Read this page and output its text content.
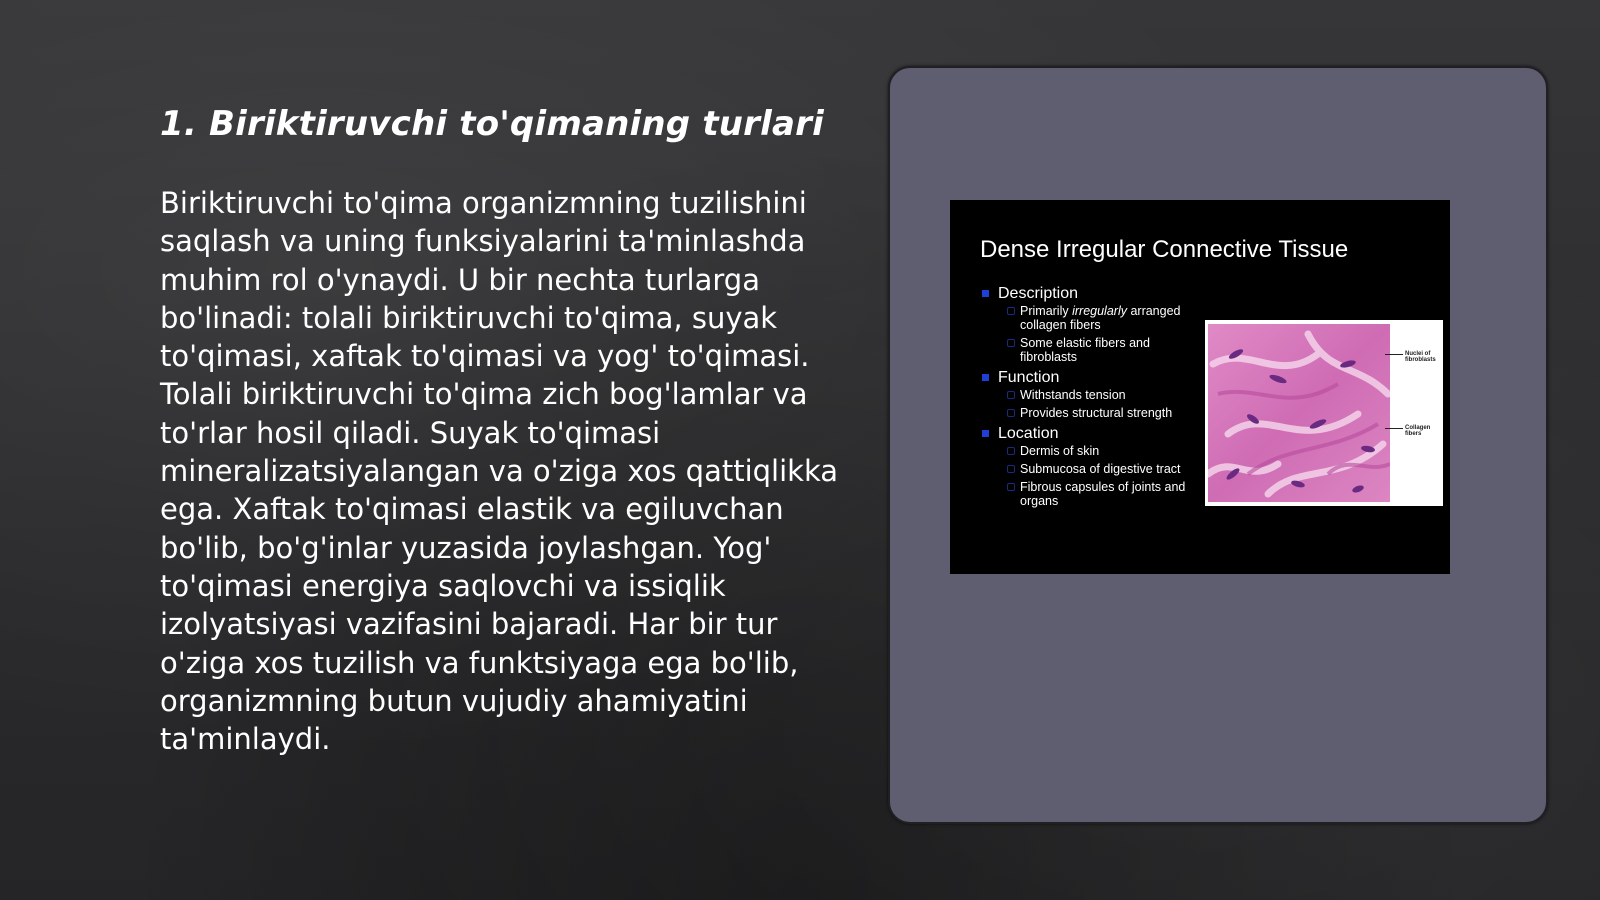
1. Biriktiruvchi to'qimaning turlari

Biriktiruvchi to'qima organizmning tuzilishini saqlash va uning funksiyalarini ta'minlashda muhim rol o'ynaydi. U bir nechta turlarga bo'linadi: tolali biriktiruvchi to'qima, suyak to'qimasi, xaftak to'qimasi va yog' to'qimasi. Tolali biriktiruvchi to'qima zich bog'lamlar va to'rlar hosil qiladi. Suyak to'qimasi mineralizatsiyalangan va o'ziga xos qattiqlikka ega. Xaftak to'qimasi elastik va egiluvchan bo'lib, bo'g'inlar yuzasida joylashgan. Yog' to'qimasi energiya saqlovchi va issiqlik izolyatsiyasi vazifasini bajaradi. Har bir tur o'ziga xos tuzilish va funktsiyaga ega bo'lib, organizmning butun vujudiy ahamiyatini ta'minlaydi.

Dense Irregular Connective Tissue
Description
Primarily irregularly arranged collagen fibers
Some elastic fibers and fibroblasts
Function
Withstands tension
Provides structural strength
Location
Dermis of skin
Submucosa of digestive tract
Fibrous capsules of joints and organs
Nuclei of fibroblasts
Collagen fibers
